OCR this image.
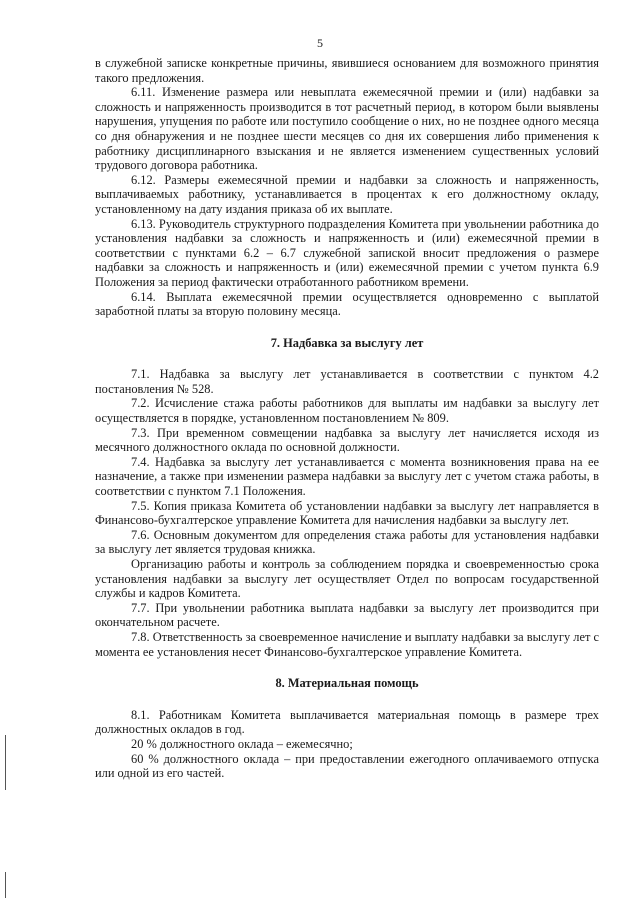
5

в служебной записке конкретные причины, явившиеся основанием для возможного принятия такого предложения.

6.11. Изменение размера или невыплата ежемесячной премии и (или) надбавки за сложность и напряженность производится в тот расчетный период, в котором были выявлены нарушения, упущения по работе или поступило сообщение о них, но не позднее одного месяца со дня обнаружения и не позднее шести месяцев со дня их совершения либо применения к работнику дисциплинарного взыскания и не является изменением существенных условий трудового договора работника.

6.12. Размеры ежемесячной премии и надбавки за сложность и напряженность, выплачиваемых работнику, устанавливается в процентах к его должностному окладу, установленному на дату издания приказа об их выплате.

6.13. Руководитель структурного подразделения Комитета при увольнении работника до установления надбавки за сложность и напряженность и (или) ежемесячной премии в соответствии с пунктами 6.2 – 6.7 служебной запиской вносит предложения о размере надбавки за сложность и напряженность и (или) ежемесячной премии с учетом пункта 6.9 Положения за период фактически отработанного работником времени.

6.14. Выплата ежемесячной премии осуществляется одновременно с выплатой заработной платы за вторую половину месяца.

7. Надбавка за выслугу лет

7.1. Надбавка за выслугу лет устанавливается в соответствии с пунктом 4.2 постановления № 528.

7.2. Исчисление стажа работы работников для выплаты им надбавки за выслугу лет осуществляется в порядке, установленном постановлением № 809.

7.3. При временном совмещении надбавка за выслугу лет начисляется исходя из месячного должностного оклада по основной должности.

7.4. Надбавка за выслугу лет устанавливается с момента возникновения права на ее назначение, а также при изменении размера надбавки за выслугу лет с учетом стажа работы, в соответствии с пунктом 7.1 Положения.

7.5. Копия приказа Комитета об установлении надбавки за выслугу лет направляется в Финансово-бухгалтерское управление Комитета для начисления надбавки за выслугу лет.

7.6. Основным документом для определения стажа работы для установления надбавки за выслугу лет является трудовая книжка.

Организацию работы и контроль за соблюдением порядка и своевременностью срока установления надбавки за выслугу лет осуществляет Отдел по вопросам государственной службы и кадров Комитета.

7.7. При увольнении работника выплата надбавки за выслугу лет производится при окончательном расчете.

7.8. Ответственность за своевременное начисление и выплату надбавки за выслугу лет с момента ее установления несет Финансово-бухгалтерское управление Комитета.

8. Материальная помощь

8.1. Работникам Комитета выплачивается материальная помощь в размере трех должностных окладов в год.

20 % должностного оклада – ежемесячно;

60 % должностного оклада – при предоставлении ежегодного оплачиваемого отпуска или одной из его частей.
